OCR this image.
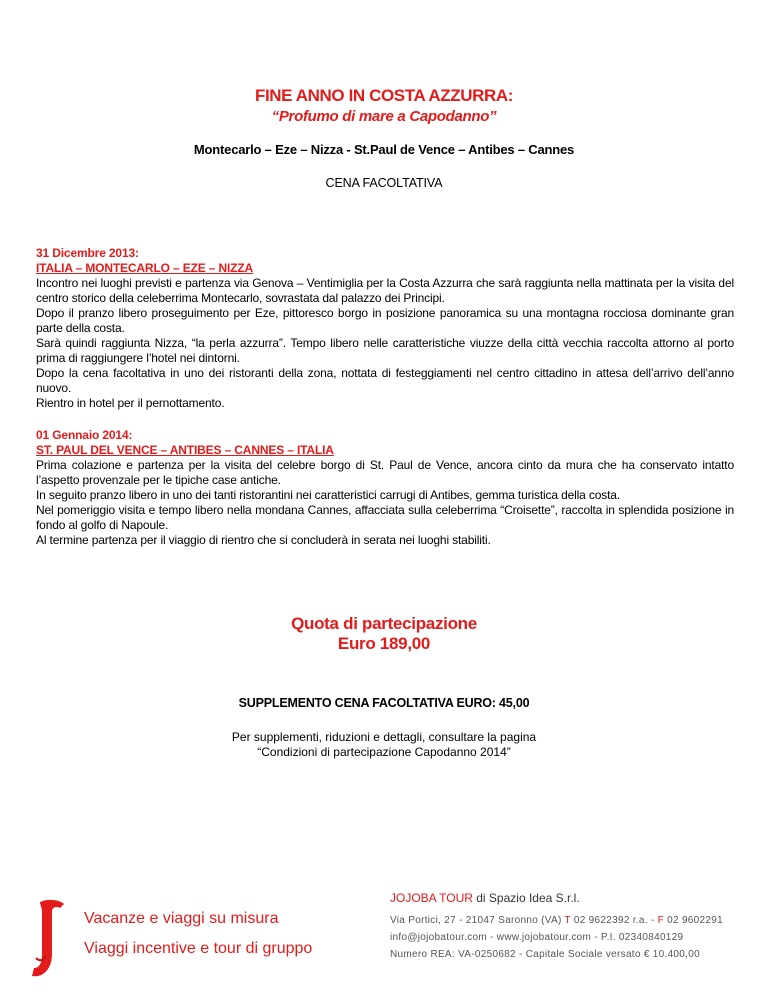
FINE ANNO IN COSTA AZZURRA:
“Profumo di mare a Capodanno”
Montecarlo – Eze – Nizza - St.Paul de Vence – Antibes – Cannes
CENA FACOLTATIVA
31 Dicembre 2013:
ITALIA – MONTECARLO – EZE – NIZZA

Incontro nei luoghi previsti e partenza via Genova – Ventimiglia per la Costa Azzurra che sarà raggiunta nella mattinata per la visita del centro storico della celeberrima Montecarlo, sovrastata dal palazzo dei Principi.

Dopo il pranzo libero proseguimento per Eze, pittoresco borgo in posizione panoramica su una montagna rocciosa dominante gran parte della costa.

Sarà quindi raggiunta Nizza, “la perla azzurra”. Tempo libero nelle caratteristiche viuzze della città vecchia raccolta attorno al porto prima di raggiungere l’hotel nei dintorni.

Dopo la cena facoltativa in uno dei ristoranti della zona, nottata di festeggiamenti nel centro cittadino in attesa dell’arrivo dell’anno nuovo.

Rientro in hotel per il pernottamento.

01 Gennaio 2014:
ST. PAUL DEL VENCE – ANTIBES – CANNES – ITALIA

Prima colazione e partenza per la visita del celebre borgo di St. Paul de Vence, ancora cinto da mura che ha conservato intatto l’aspetto provenzale per le tipiche case antiche.

In seguito pranzo libero in uno dei tanti ristorantini nei caratteristici carrugi di Antibes, gemma turistica della costa.

Nel pomeriggio visita e tempo libero nella mondana Cannes, affacciata sulla celeberrima “Croisette”, raccolta in splendida posizione in fondo al golfo di Napoule.

Al termine partenza per il viaggio di rientro che si concluderà in serata nei luoghi stabiliti.

Quota di partecipazione
Euro 189,00
SUPPLEMENTO CENA FACOLTATIVA EURO: 45,00
Per supplementi, riduzioni e dettagli, consultare la pagina
“Condizioni di partecipazione Capodanno 2014”
Vacanze e viaggi su misura
Viaggi incentive e tour di gruppo
JOJOBA TOUR di Spazio Idea S.r.l.
Via Portici, 27 - 21047 Saronno (VA) T 02 9622392 r.a. - F 02 9602291
info@jojobatour.com - www.jojobatour.com - P.I. 02340840129
Numero REA: VA-0250682 - Capitale Sociale versato € 10.400,00
